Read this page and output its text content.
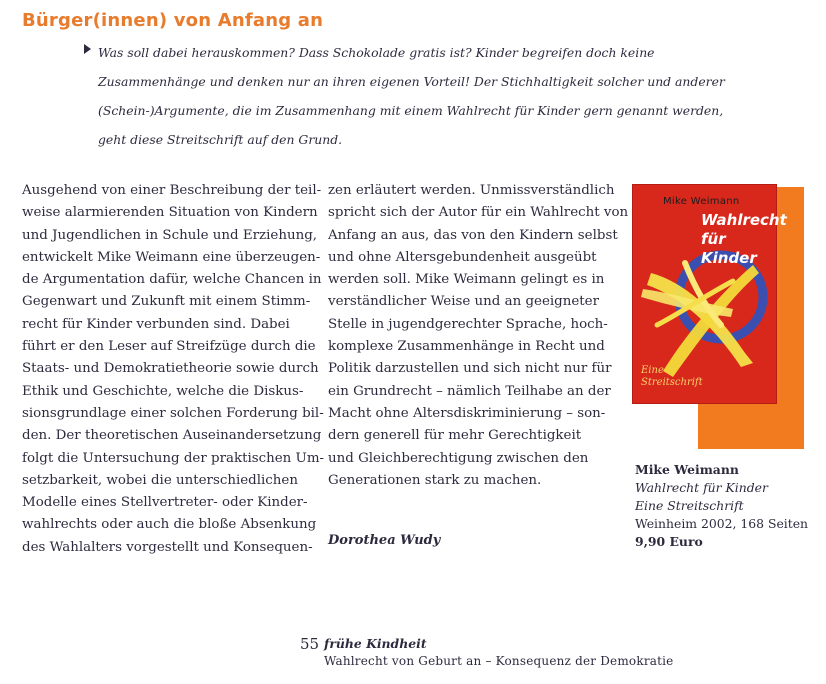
Bürger(innen) von Anfang an
Was soll dabei herauskommen? Dass Schokolade gratis ist? Kinder begreifen doch keine
Zusammenhänge und denken nur an ihren eigenen Vorteil! Der Stichhaltigkeit solcher und anderer
(Schein-)Argumente, die im Zusammenhang mit einem Wahlrecht für Kinder gern genannt werden,
geht diese Streitschrift auf den Grund.
Ausgehend von einer Beschreibung der teil-
weise alarmierenden Situation von Kindern
und Jugendlichen in Schule und Erziehung,
entwickelt Mike Weimann eine überzeugen-
de Argumentation dafür, welche Chancen in
Gegenwart und Zukunft mit einem Stimm-
recht für Kinder verbunden sind. Dabei
führt er den Leser auf Streifzüge durch die
Staats- und Demokratietheorie sowie durch
Ethik und Geschichte, welche die Diskus-
sionsgrundlage einer solchen Forderung bil-
den. Der theoretischen Auseinandersetzung
folgt die Untersuchung der praktischen Um-
setzbarkeit, wobei die unterschiedlichen
Modelle eines Stellvertreter- oder Kinder-
wahlrechts oder auch die bloße Absenkung
des Wahlalters vorgestellt und Konsequen-
zen erläutert werden. Unmissverständlich
spricht sich der Autor für ein Wahlrecht von
Anfang an aus, das von den Kindern selbst
und ohne Altersgebundenheit ausgeübt
werden soll. Mike Weimann gelingt es in
verständlicher Weise und an geeigneter
Stelle in jugendgerechter Sprache, hoch-
komplexe Zusammenhänge in Recht und
Politik darzustellen und sich nicht nur für
ein Grundrecht – nämlich Teilhabe an der
Macht ohne Altersdiskriminierung – son-
dern generell für mehr Gerechtigkeit
und Gleichberechtigung zwischen den
Generationen stark zu machen.
Dorothea Wudy
Mike Weimann
Wahlrecht
für
Kinder
Eine
Streitschrift
Mike Weimann
Wahlrecht für Kinder
Eine Streitschrift
Weinheim 2002, 168 Seiten
9,90 Euro
55 frühe Kindheit
Wahlrecht von Geburt an – Konsequenz der Demokratie
